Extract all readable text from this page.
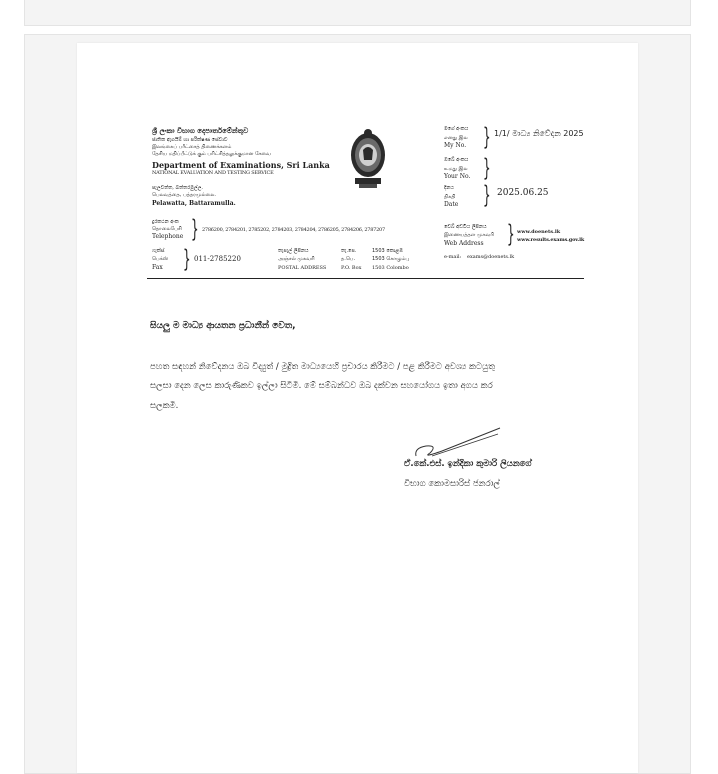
ශ්‍රී ලංකා විභාග දෙපාර්තමේන්තුව
ජාතික ඇගයීම් හා පරීක්ෂණ සේවාව
இலங்கைப் பரீட்சைத் திணைக்களம்
தேசிய மதிப்பீட்டுக் கும் பரிட்சித்தலுக்குமான சேவை
Department of Examinations, Sri Lanka
NATIONAL EVALUATION AND TESTING SERVICE
පැලවත්ත, බත්තරමුල්ල.
பெலவத்தை, பத்தரமுல்லை.
Pelawatta, Battaramulla.
මගේ අංකය
எனது இல
My No. } 1/1/ මාධ්‍ය නිවේදන 2025
ඔබේ අංකය
உமது இல
Your No. }
දිනය
திகதி
Date } 2025.06.25
දුරකථන අංක
தொலைபேசி
Telephone } 2786200, 2784201, 2785202, 2784203, 2784204, 2786205, 2784206, 2787207
ෆැක්ස්
பெக்ஸ்
Fax } 011-2785220
තැපැල් ලිපිනය
அஞ்சல் முகவரி
POSTAL ADDRESS
තැ.පෙ.
த.பெ.
P.O. Box
1503 කොළඹ
1503 கொழும்பு
1503 Colombo
වෙබ් අඩවිය ලිපිනය
இணையத்தள முகவரி
Web Address } www.doenets.lk
www.results.exams.gov.lk
e-mail: exams@doenets.lk
සියලු ම මාධ්‍ය ආයතන ප්‍රධානීන් වෙත,
පහත සඳහන් නිවේදනය ඔබ විද්‍යුත් / මුද්‍රිත මාධ්‍යයෙහි ප්‍රචාරය කිරීමට / පළ කිරීමට අවශ්‍ය කටයුතු
සලසා දෙන ලෙස කාරුණිකව ඉල්ලා සිටිමි. මේ සම්බන්ධව ඔබ දක්වන සහයෝගය ඉතා අගය කර
සලකමි.
ඒ.කේ.එස්. ඉන්දිකා කුමාරි ලියනගේ
විභාග කොමසාරිස් ජනරාල්
